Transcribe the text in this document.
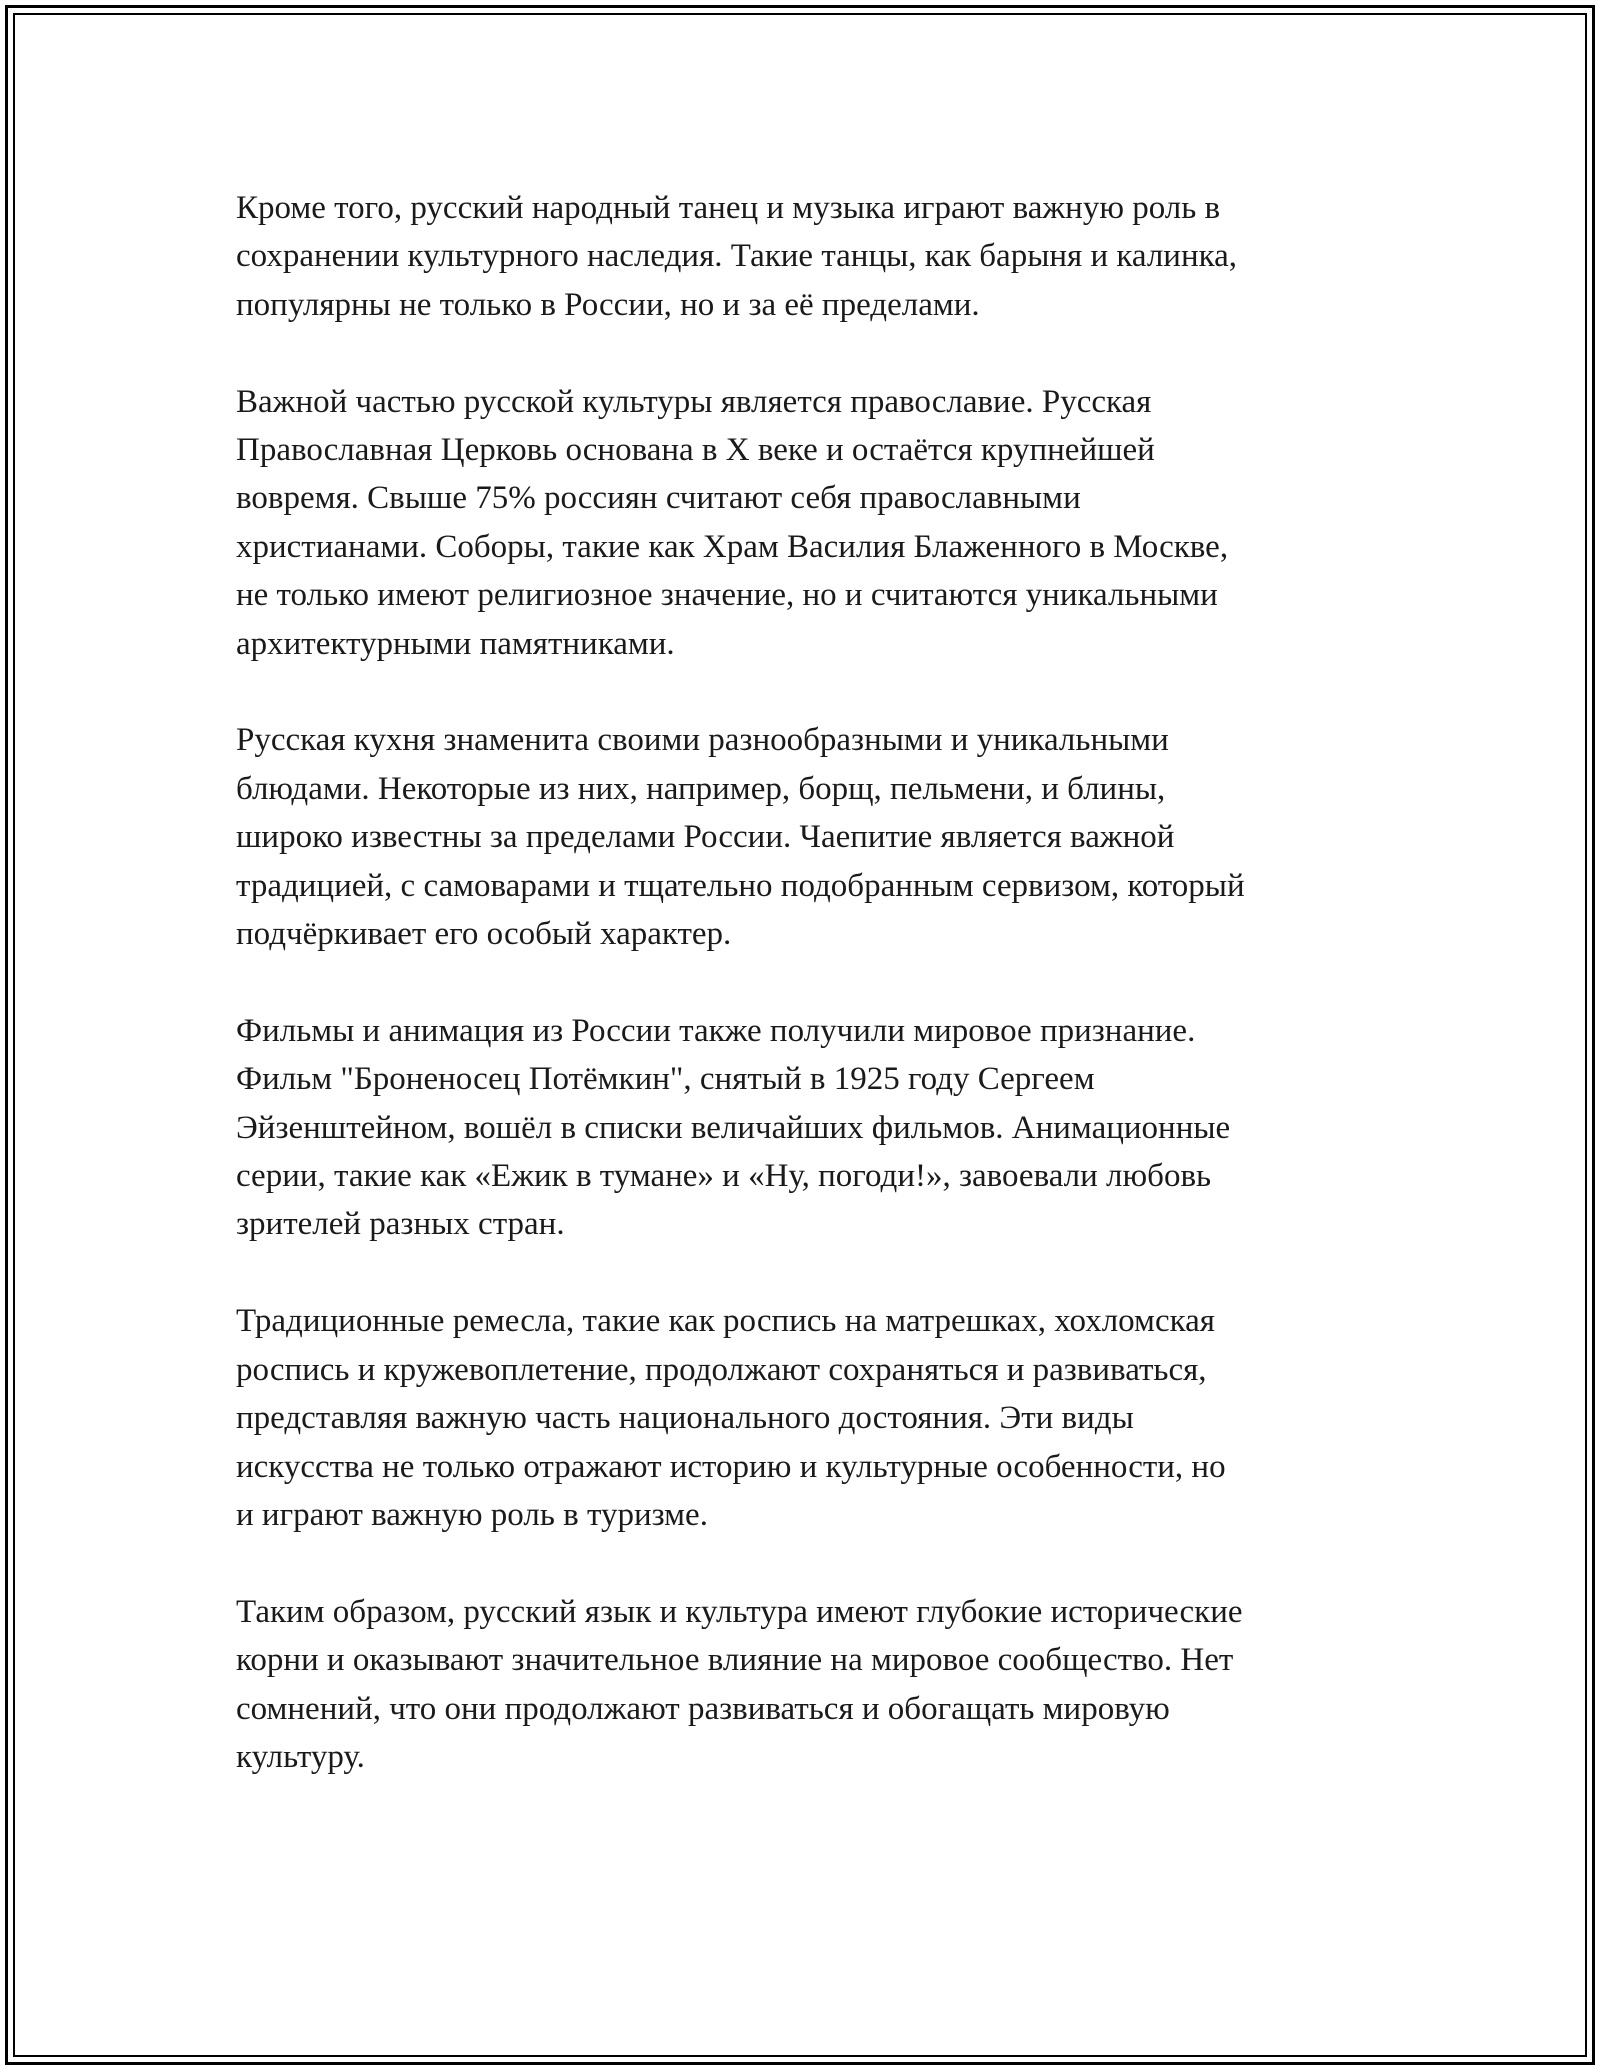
Кроме того, русский народный танец и музыка играют важную роль в
сохранении культурного наследия. Такие танцы, как барыня и калинка,
популярны не только в России, но и за её пределами.

Важной частью русской культуры является православие. Русская
Православная Церковь основана в X веке и остаётся крупнейшей
вовремя. Свыше 75% россиян считают себя православными
христианами. Соборы, такие как Храм Василия Блаженного в Москве,
не только имеют религиозное значение, но и считаются уникальными
архитектурными памятниками.

Русская кухня знаменита своими разнообразными и уникальными
блюдами. Некоторые из них, например, борщ, пельмени, и блины,
широко известны за пределами России. Чаепитие является важной
традицией, с самоварами и тщательно подобранным сервизом, который
подчёркивает его особый характер.

Фильмы и анимация из России также получили мировое признание.
Фильм "Броненосец Потёмкин", снятый в 1925 году Сергеем
Эйзенштейном, вошёл в списки величайших фильмов. Анимационные
серии, такие как «Ежик в тумане» и «Ну, погоди!», завоевали любовь
зрителей разных стран.

Традиционные ремесла, такие как роспись на матрешках, хохломская
роспись и кружевоплетение, продолжают сохраняться и развиваться,
представляя важную часть национального достояния. Эти виды
искусства не только отражают историю и культурные особенности, но
и играют важную роль в туризме.

Таким образом, русский язык и культура имеют глубокие исторические
корни и оказывают значительное влияние на мировое сообщество. Нет
сомнений, что они продолжают развиваться и обогащать мировую
культуру.
